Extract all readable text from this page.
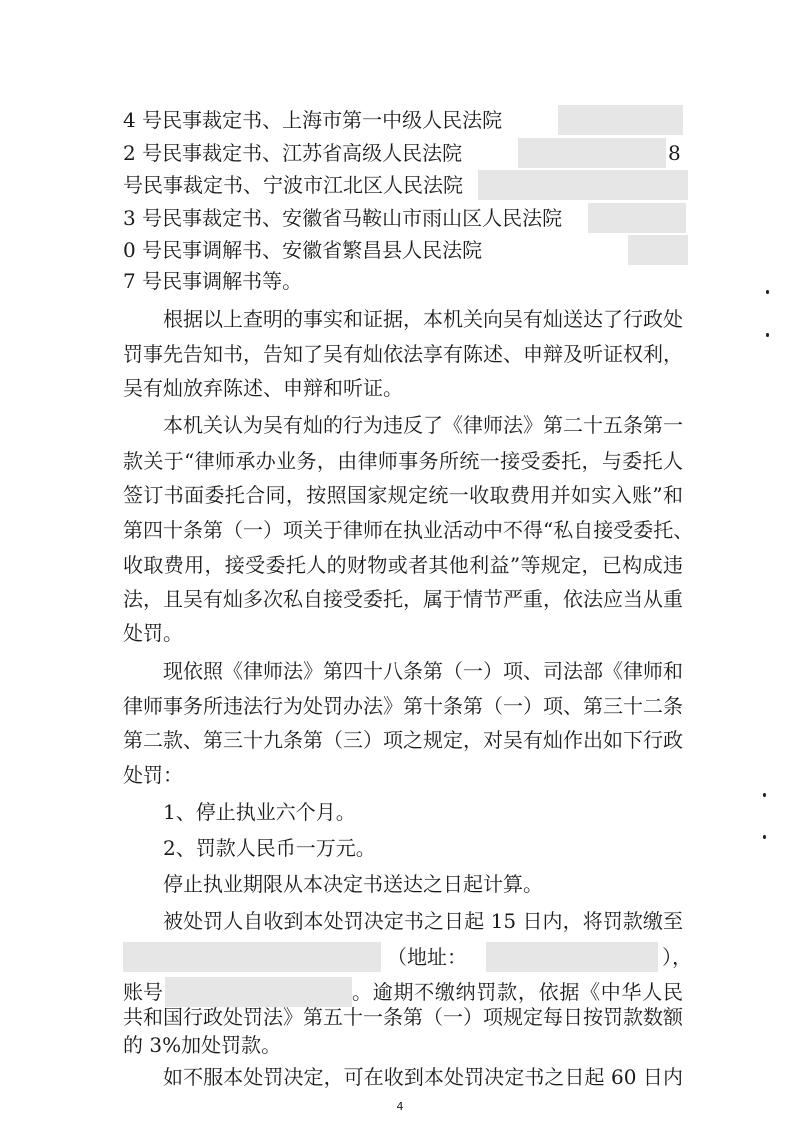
4 号民事裁定书、上海市第一中级人民法院
2 号民事裁定书、江苏省高级人民法院	8
号民事裁定书、宁波市江北区人民法院
3 号民事裁定书、安徽省马鞍山市雨山区人民法院
0 号民事调解书、安徽省繁昌县人民法院
7 号民事调解书等。
根据以上查明的事实和证据，本机关向吴有灿送达了行政处
罚事先告知书，告知了吴有灿依法享有陈述、申辩及听证权利，
吴有灿放弃陈述、申辩和听证。
本机关认为吴有灿的行为违反了《律师法》第二十五条第一
款关于“律师承办业务，由律师事务所统一接受委托，与委托人
签订书面委托合同，按照国家规定统一收取费用并如实入账”和
第四十条第（一）项关于律师在执业活动中不得“私自接受委托、
收取费用，接受委托人的财物或者其他利益”等规定，已构成违
法，且吴有灿多次私自接受委托，属于情节严重，依法应当从重
处罚。
现依照《律师法》第四十八条第（一）项、司法部《律师和
律师事务所违法行为处罚办法》第十条第（一）项、第三十二条
第二款、第三十九条第（三）项之规定，对吴有灿作出如下行政
处罚：
1、停止执业六个月。
2、罚款人民币一万元。
停止执业期限从本决定书送达之日起计算。
被处罚人自收到本处罚决定书之日起 15 日内，将罚款缴至
（地址：	），
账号	。逾期不缴纳罚款，依据《中华人民
共和国行政处罚法》第五十一条第（一）项规定每日按罚款数额
的 3%加处罚款。
4
如不服本处罚决定，可在收到本处罚决定书之日起 60 日内
